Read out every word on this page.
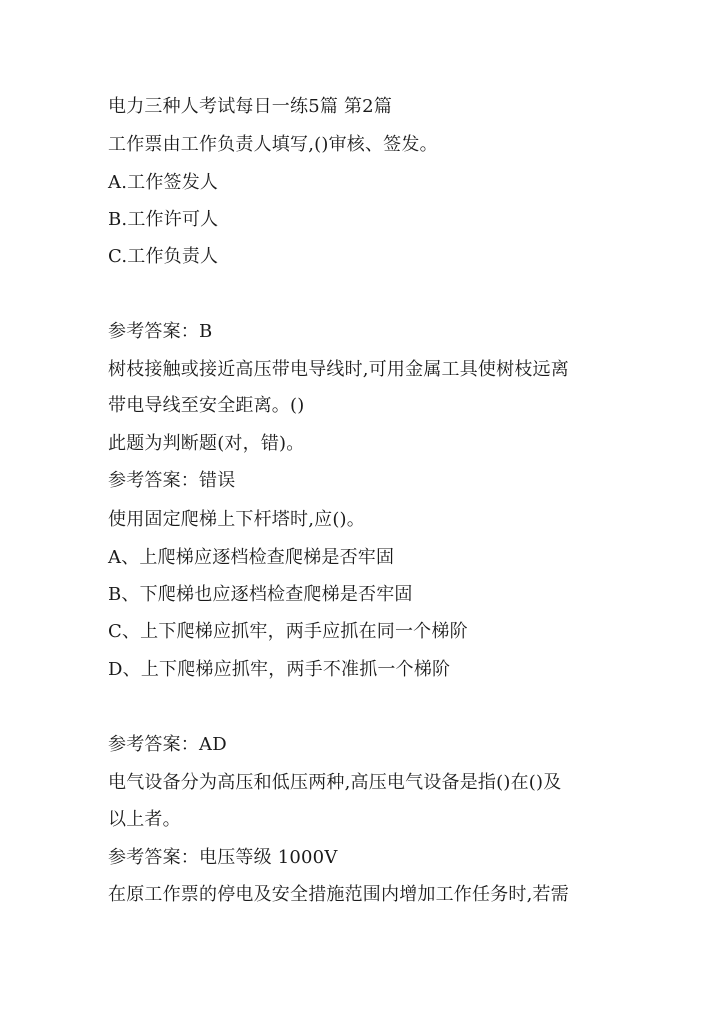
电力三种人考试每日一练5篇 第2篇
工作票由工作负责人填写,()审核、签发。
A.工作签发人
B.工作许可人
C.工作负责人
参考答案：B
树枝接触或接近高压带电导线时,可用金属工具使树枝远离
带电导线至安全距离。()
此题为判断题(对，错)。
参考答案：错误
使用固定爬梯上下杆塔时,应()。
A、上爬梯应逐档检查爬梯是否牢固
B、下爬梯也应逐档检查爬梯是否牢固
C、上下爬梯应抓牢，两手应抓在同一个梯阶
D、上下爬梯应抓牢，两手不准抓一个梯阶
参考答案：AD
电气设备分为高压和低压两种,高压电气设备是指()在()及
以上者。
参考答案：电压等级 1000V
在原工作票的停电及安全措施范围内增加工作任务时,若需
